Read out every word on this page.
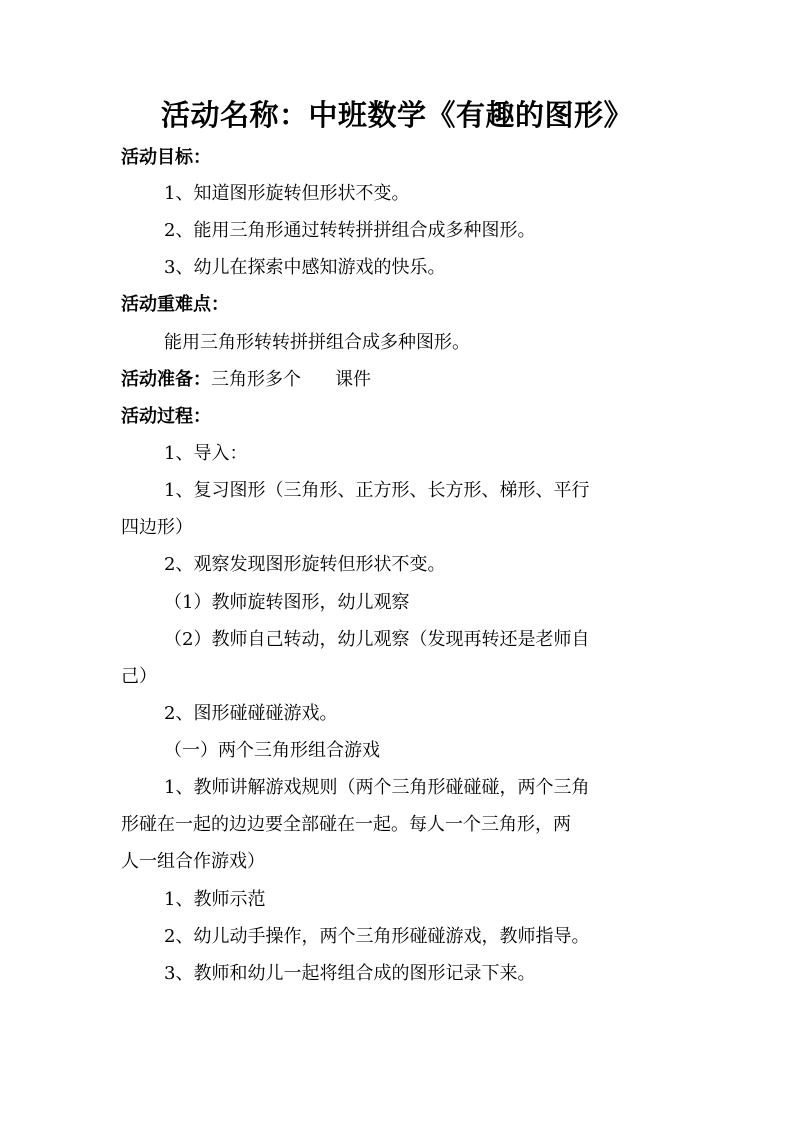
活动名称：中班数学《有趣的图形》
活动目标：
1、知道图形旋转但形状不变。
2、能用三角形通过转转拼拼组合成多种图形。
3、幼儿在探索中感知游戏的快乐。
活动重难点：
能用三角形转转拼拼组合成多种图形。
活动准备：三角形多个 课件
活动过程：
1、导入：
1、复习图形（三角形、正方形、长方形、梯形、平行
四边形）
2、观察发现图形旋转但形状不变。
（1）教师旋转图形，幼儿观察
（2）教师自己转动，幼儿观察（发现再转还是老师自
己）
2、图形碰碰碰游戏。
（一）两个三角形组合游戏
1、教师讲解游戏规则（两个三角形碰碰碰，两个三角
形碰在一起的边边要全部碰在一起。每人一个三角形，两
人一组合作游戏）
1、教师示范
2、幼儿动手操作，两个三角形碰碰游戏，教师指导。
3、教师和幼儿一起将组合成的图形记录下来。
